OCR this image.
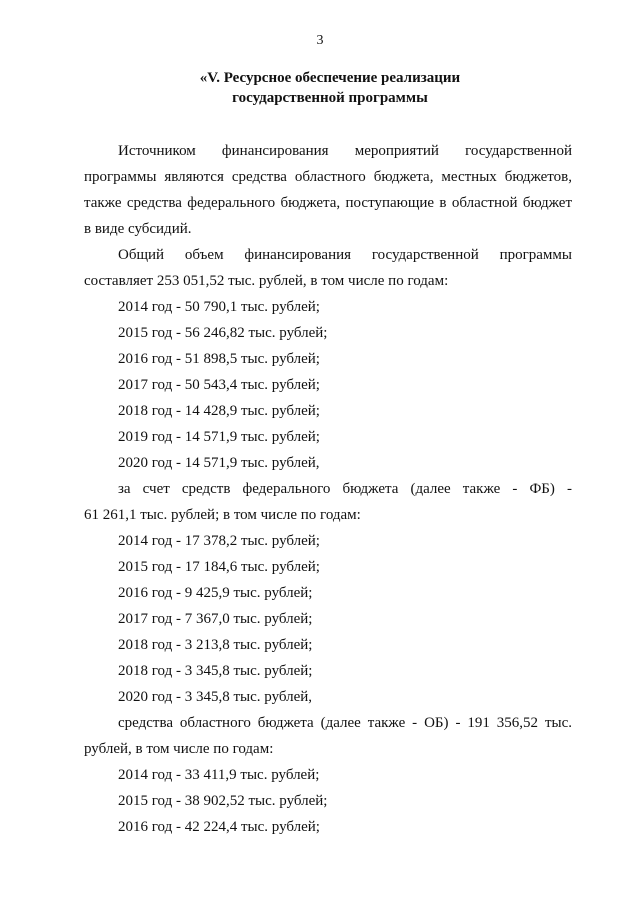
3
«V. Ресурсное обеспечение реализации
государственной программы
Источником финансирования мероприятий государственной
программы являются средства областного бюджета, местных бюджетов,
также средства федерального бюджета, поступающие в областной бюджет
в виде субсидий.
Общий объем финансирования государственной программы
составляет 253 051,52 тыс. рублей, в том числе по годам:

2014 год - 50 790,1 тыс. рублей;

2015 год - 56 246,82 тыс. рублей;

2016 год - 51 898,5 тыс. рублей;

2017 год - 50 543,4 тыс. рублей;

2018 год - 14 428,9 тыс. рублей;

2019 год - 14 571,9 тыс. рублей;

2020 год - 14 571,9 тыс. рублей,

за счет средств федерального бюджета (далее также - ФБ) -
61 261,1 тыс. рублей; в том числе по годам:

2014 год - 17 378,2 тыс. рублей;

2015 год - 17 184,6 тыс. рублей;

2016 год - 9 425,9 тыс. рублей;

2017 год - 7 367,0 тыс. рублей;

2018 год - 3 213,8 тыс. рублей;

2018 год - 3 345,8 тыс. рублей;

2020 год - 3 345,8 тыс. рублей,

средства областного бюджета (далее также - ОБ) - 191 356,52 тыс.
рублей, в том числе по годам:

2014 год - 33 411,9 тыс. рублей;

2015 год - 38 902,52 тыс. рублей;

2016 год - 42 224,4 тыс. рублей;
